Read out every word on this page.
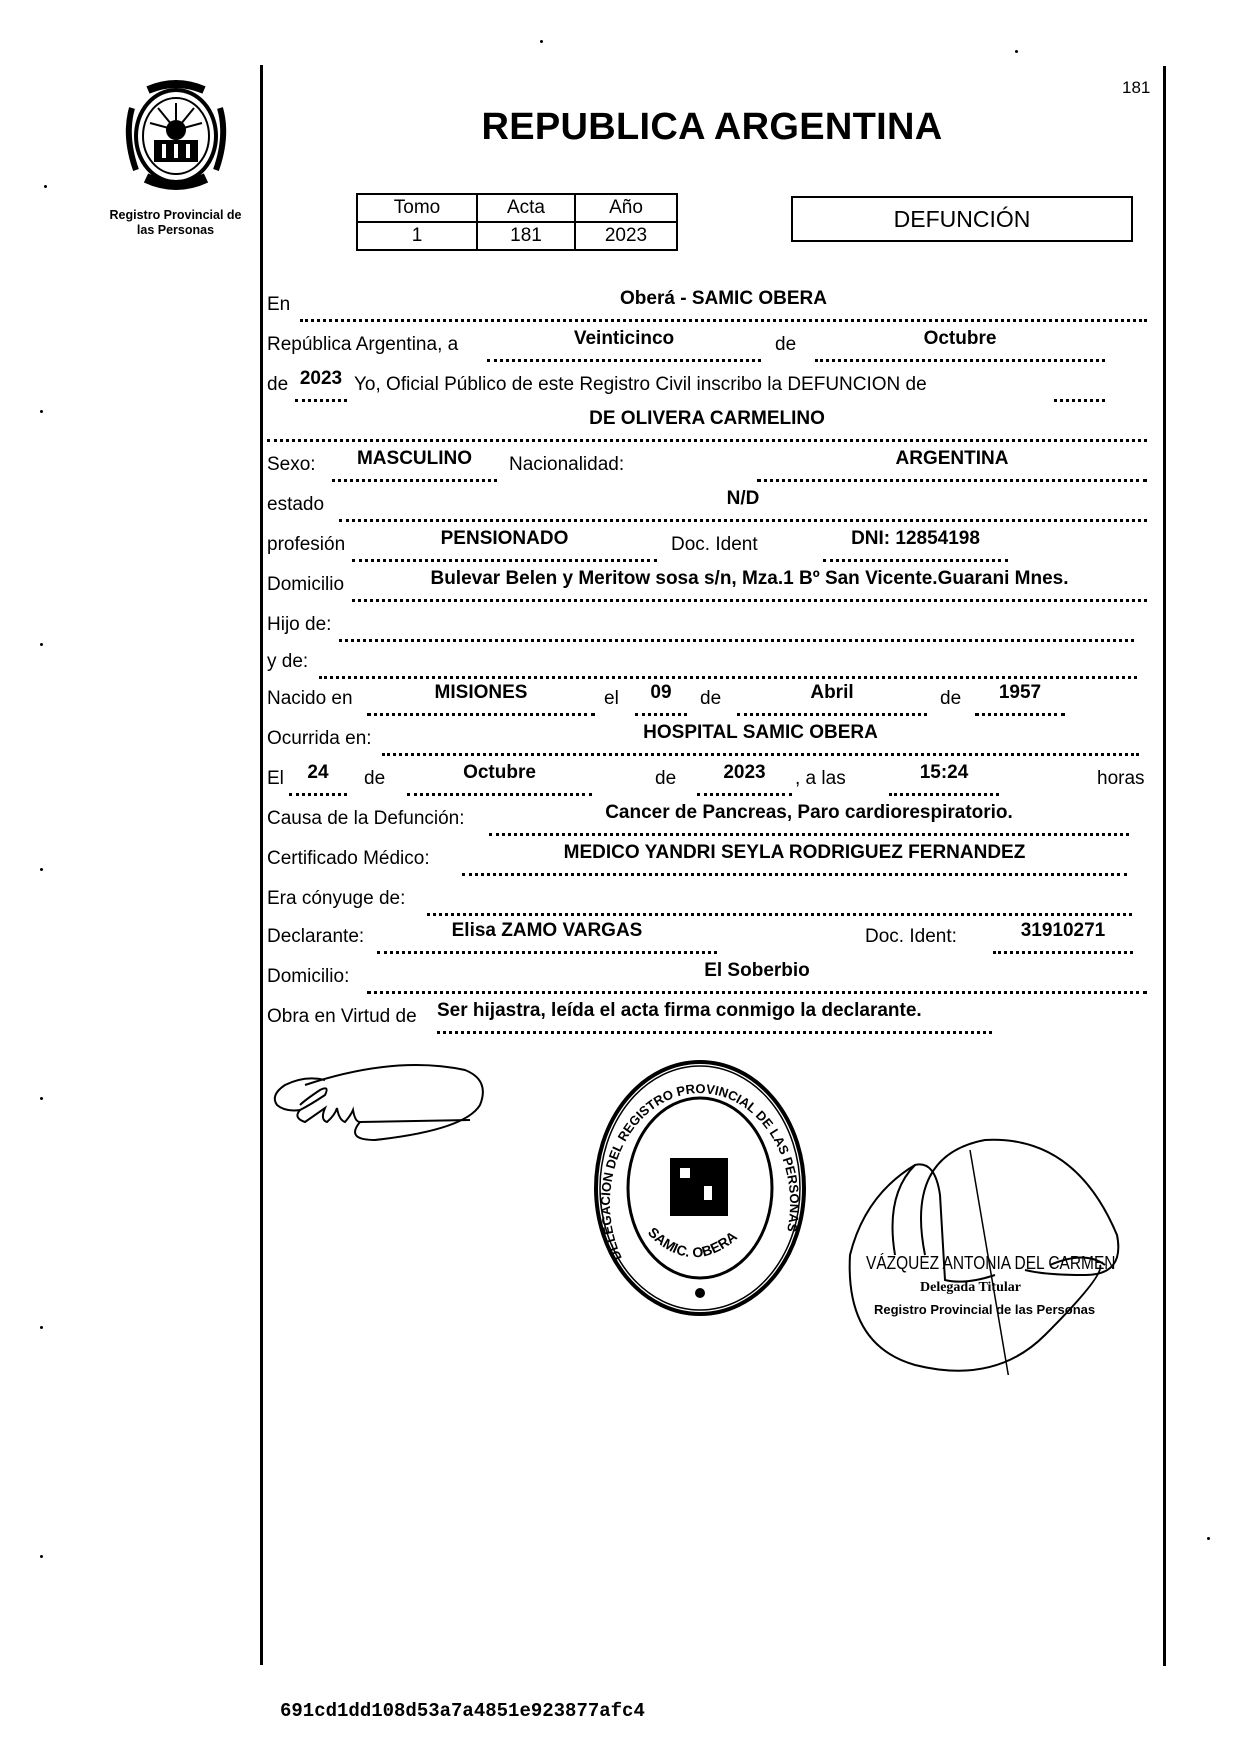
Registro Provincial de
las Personas
181
REPUBLICA ARGENTINA
Tomo	Acta	Año
1	181	2023
DEFUNCIÓN
En	Oberá - SAMIC OBERA
República Argentina, a	Veinticinco	de	Octubre
de 2023 Yo, Oficial Público de este Registro Civil inscribo la DEFUNCION de
DE OLIVERA CARMELINO
Sexo:	MASCULINO	Nacionalidad:	ARGENTINA
estado	N/D
profesión	PENSIONADO	Doc. Ident	DNI: 12854198
Domicilio	Bulevar Belen y Meritow sosa s/n, Mza.1 Bº San Vicente.Guarani Mnes.
Hijo de:
y de:
Nacido en	MISIONES	el	09	de	Abril	de	1957
Ocurrida en:	HOSPITAL SAMIC OBERA
El	24	de	Octubre	de	2023	, a las	15:24	horas
Causa de la Defunción:	Cancer de Pancreas, Paro cardiorespiratorio.
Certificado Médico:	MEDICO YANDRI SEYLA RODRIGUEZ FERNANDEZ
Era cónyuge de:
Declarante:	Elisa ZAMO VARGAS	Doc. Ident:	31910271
Domicilio:	El Soberbio
Obra en Virtud de Ser hijastra, leída el acta firma conmigo la declarante.
DELEGACION DEL REGISTRO PROVINCIAL DE LAS PERSONAS
SAMIC. OBERA
VÁZQUEZ ANTONIA DEL CARMEN
Delegada Titular
Registro Provincial de las Personas
691cd1dd108d53a7a4851e923877afc4
